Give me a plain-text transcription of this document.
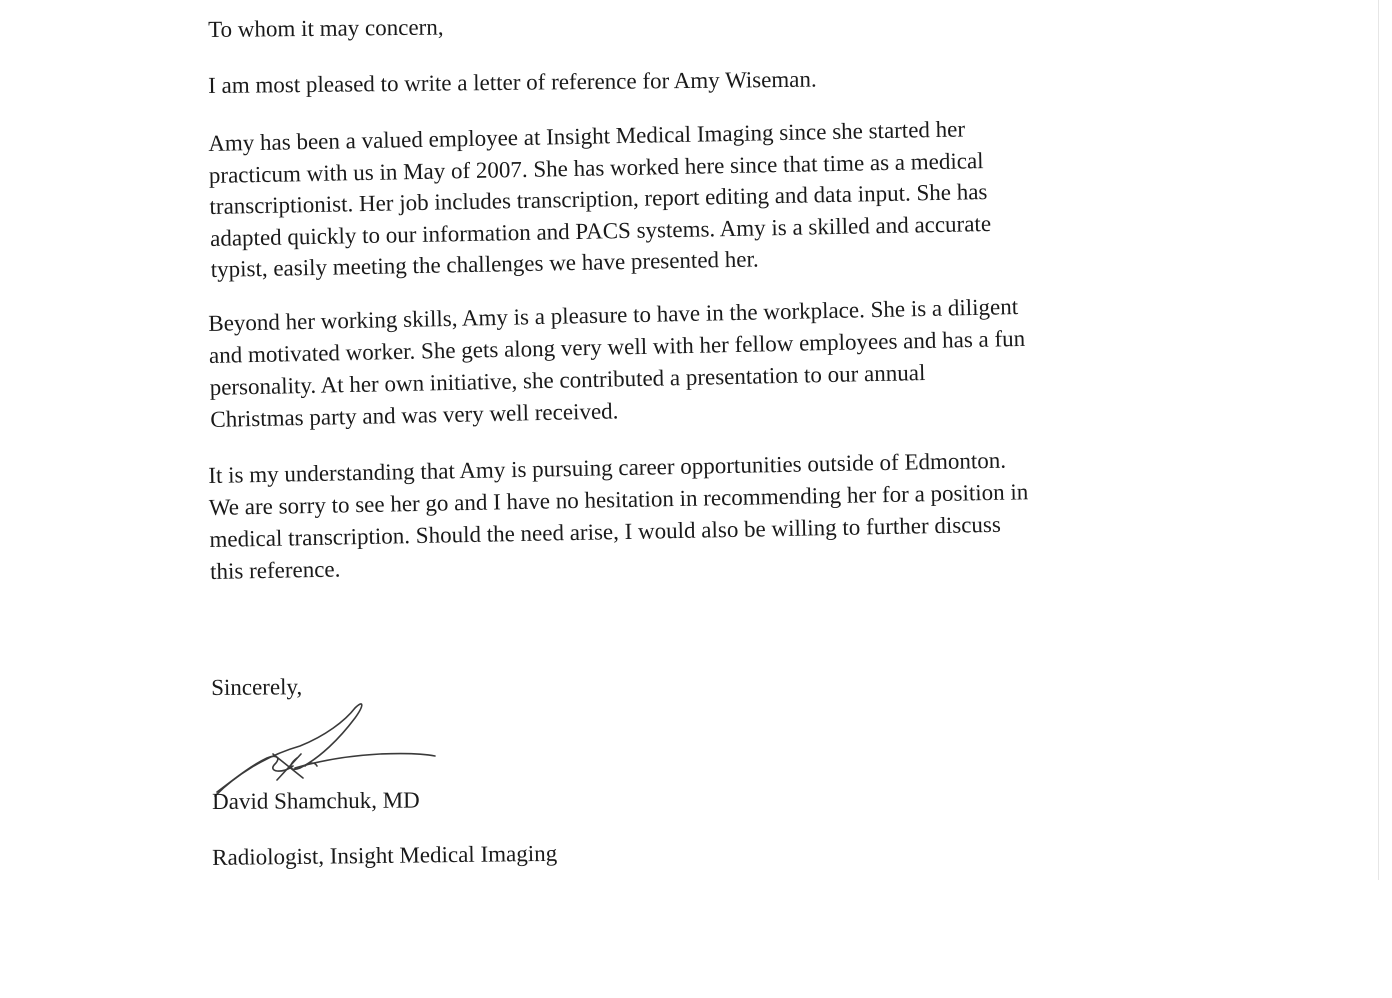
To whom it may concern,
I am most pleased to write a letter of reference for Amy Wiseman.
Amy has been a valued employee at Insight Medical Imaging since she started her
practicum with us in May of 2007. She has worked here since that time as a medical
transcriptionist. Her job includes transcription, report editing and data input. She has
adapted quickly to our information and PACS systems. Amy is a skilled and accurate
typist, easily meeting the challenges we have presented her.
Beyond her working skills, Amy is a pleasure to have in the workplace. She is a diligent
and motivated worker. She gets along very well with her fellow employees and has a fun
personality. At her own initiative, she contributed a presentation to our annual
Christmas party and was very well received.
It is my understanding that Amy is pursuing career opportunities outside of Edmonton.
We are sorry to see her go and I have no hesitation in recommending her for a position in
medical transcription. Should the need arise, I would also be willing to further discuss
this reference.
Sincerely,
David Shamchuk, MD
Radiologist, Insight Medical Imaging
